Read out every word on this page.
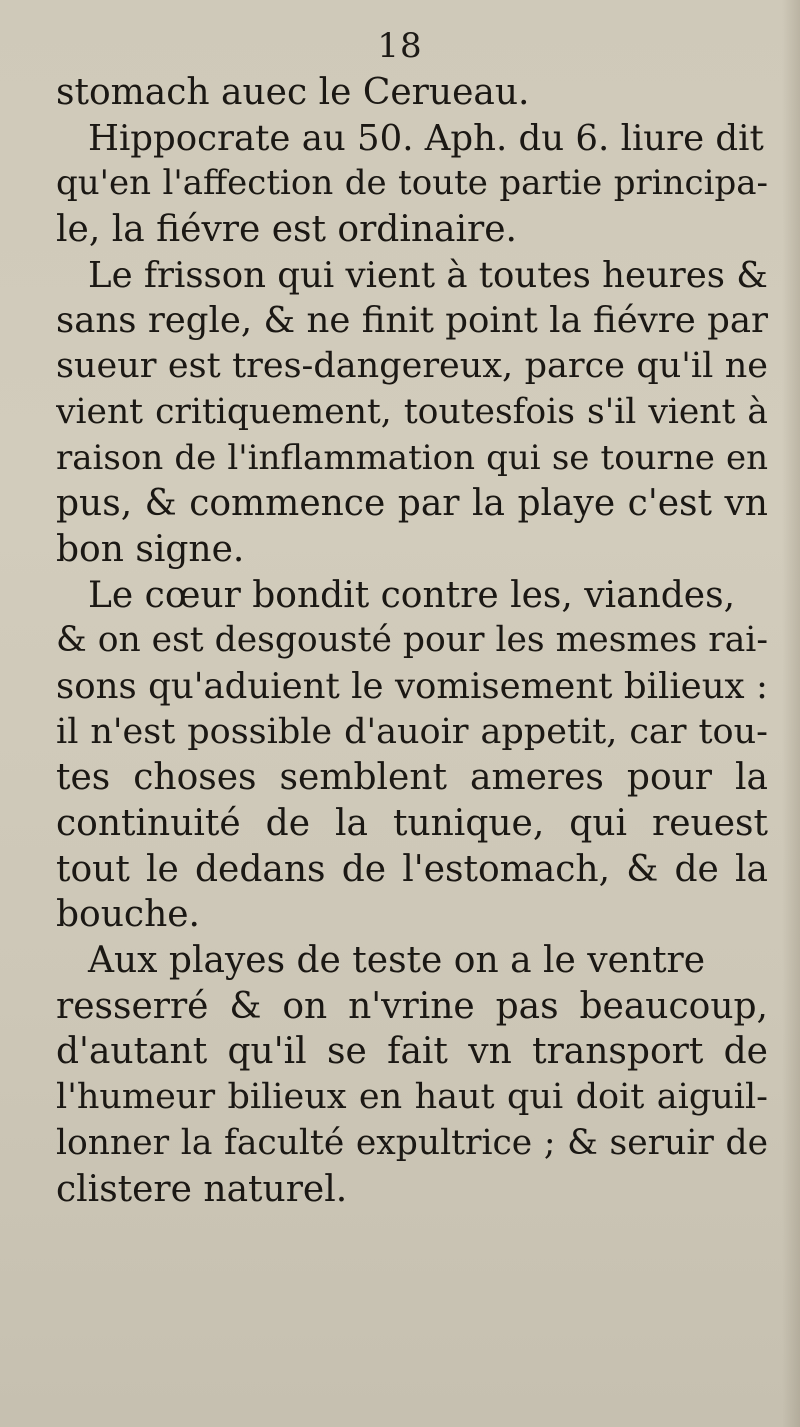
18
stomach auec le Cerueau.
Hippocrate au 50. Aph. du 6. liure dit
qu'en l'affection de toute partie principa-
le, la fiévre est ordinaire.
Le frisson qui vient à toutes heures &
sans regle, & ne finit point la fiévre par
sueur est tres-dangereux, parce qu'il ne
vient critiquement, toutesfois s'il vient à
raison de l'inflammation qui se tourne en
pus, & commence par la playe c'est vn
bon signe.
Le cœur bondit contre les, viandes,
& on est desgousté pour les mesmes rai-
sons qu'aduient le vomisement bilieux :
il n'est possible d'auoir appetit, car tou-
tes choses semblent ameres pour la
continuité de la tunique, qui reuest
tout le dedans de l'estomach, & de la
bouche.
Aux playes de teste on a le ventre
resserré & on n'vrine pas beaucoup,
d'autant qu'il se fait vn transport de
l'humeur bilieux en haut qui doit aiguil-
lonner la faculté expultrice ; & seruir de
clistere naturel.
